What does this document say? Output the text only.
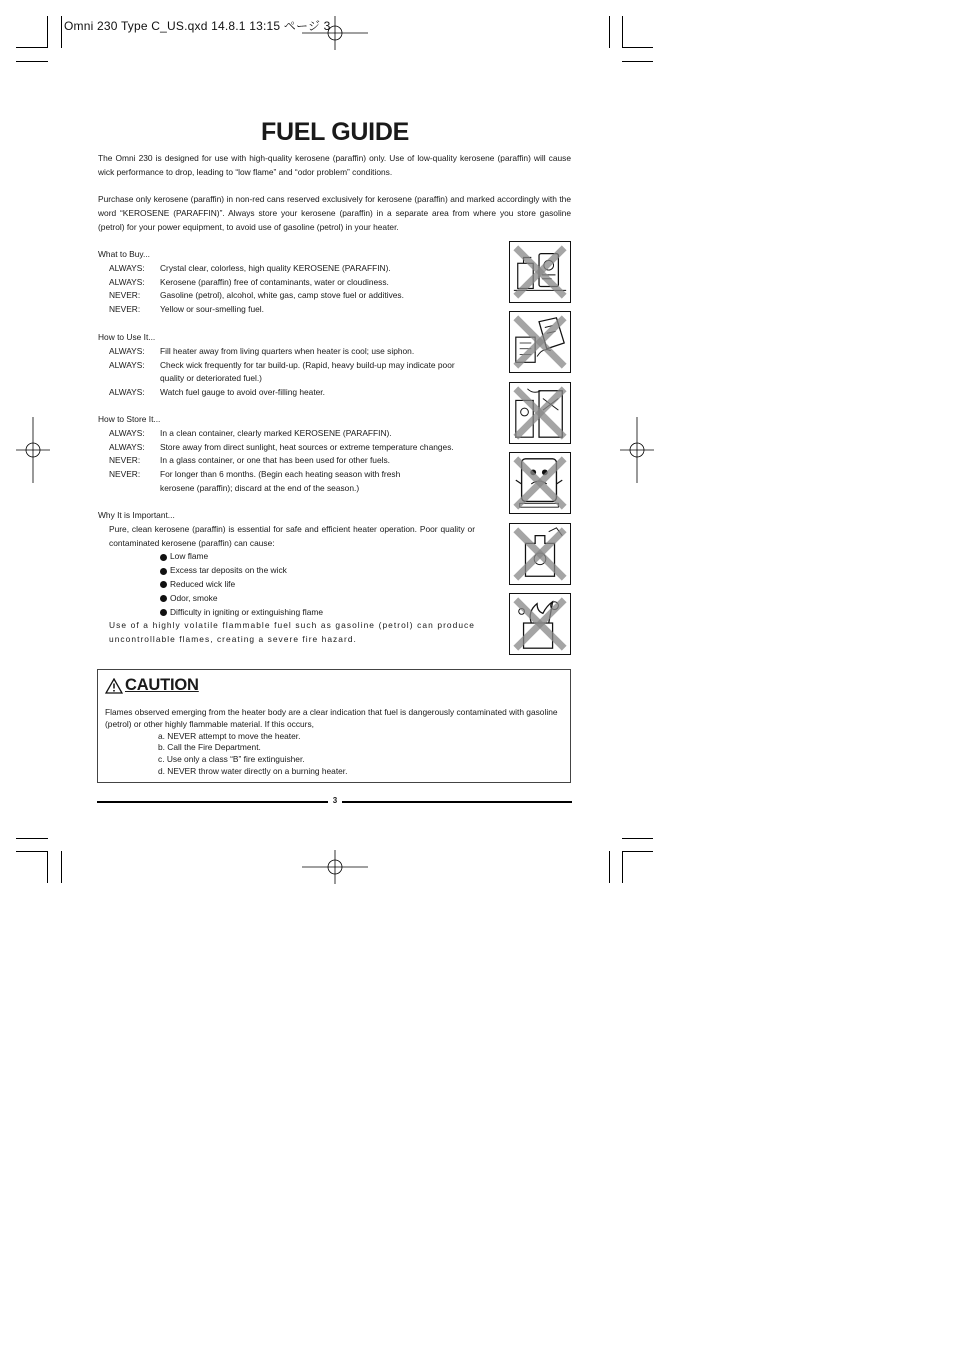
Omni 230 Type C_US.qxd 14.8.1 13:15 ページ 3
FUEL GUIDE

The Omni 230 is designed for use with high-quality kerosene (paraffin) only. Use of low-quality kerosene (paraffin) will cause wick performance to drop, leading to “low flame” and “odor problem” conditions.

Purchase only kerosene (paraffin) in non-red cans reserved exclusively for kerosene (paraffin) and marked accordingly with the word “KEROSENE (PARAFFIN)”. Always store your kerosene (paraffin) in a separate area from where you store gasoline (petrol) for your power equipment, to avoid use of gasoline (petrol) in your heater.

What to Buy...
ALWAYS:	Crystal clear, colorless, high quality KEROSENE (PARAFFIN).
ALWAYS:	Kerosene (paraffin) free of contaminants, water or cloudiness.
NEVER:	Gasoline (petrol), alcohol, white gas, camp stove fuel or additives.
NEVER:	Yellow or sour-smelling fuel.
How to Use It...
ALWAYS:	Fill heater away from living quarters when heater is cool; use siphon.
ALWAYS:	Check wick frequently for tar build-up. (Rapid, heavy build-up may indicate poor quality or deteriorated fuel.)
ALWAYS:	Watch fuel gauge to avoid over-filling heater.
How to Store It...
ALWAYS:	In a clean container, clearly marked KEROSENE (PARAFFIN).
ALWAYS:	Store away from direct sunlight, heat sources or extreme temperature changes.
NEVER:	In a glass container, or one that has been used for other fuels.
NEVER:	For longer than 6 months. (Begin each heating season with fresh kerosene (paraffin); discard at the end of the season.)
Why It is Important...
Pure, clean kerosene (paraffin) is essential for safe and efficient heater operation. Poor quality or contaminated kerosene (paraffin) can cause:
Low flame
Excess tar deposits on the wick
Reduced wick life
Odor, smoke
Difficulty in igniting or extinguishing flame
Use of a highly volatile flammable fuel such as gasoline (petrol) can produce uncontrollable flames, creating a severe fire hazard.
CAUTION
Flames observed emerging from the heater body are a clear indication that fuel is dangerously contaminated with gasoline (petrol) or other highly flammable material. If this occurs,
a. NEVER attempt to move the heater.
b. Call the Fire Department.
c. Use only a class “B” fire extinguisher.
d. NEVER throw water directly on a burning heater.
3
